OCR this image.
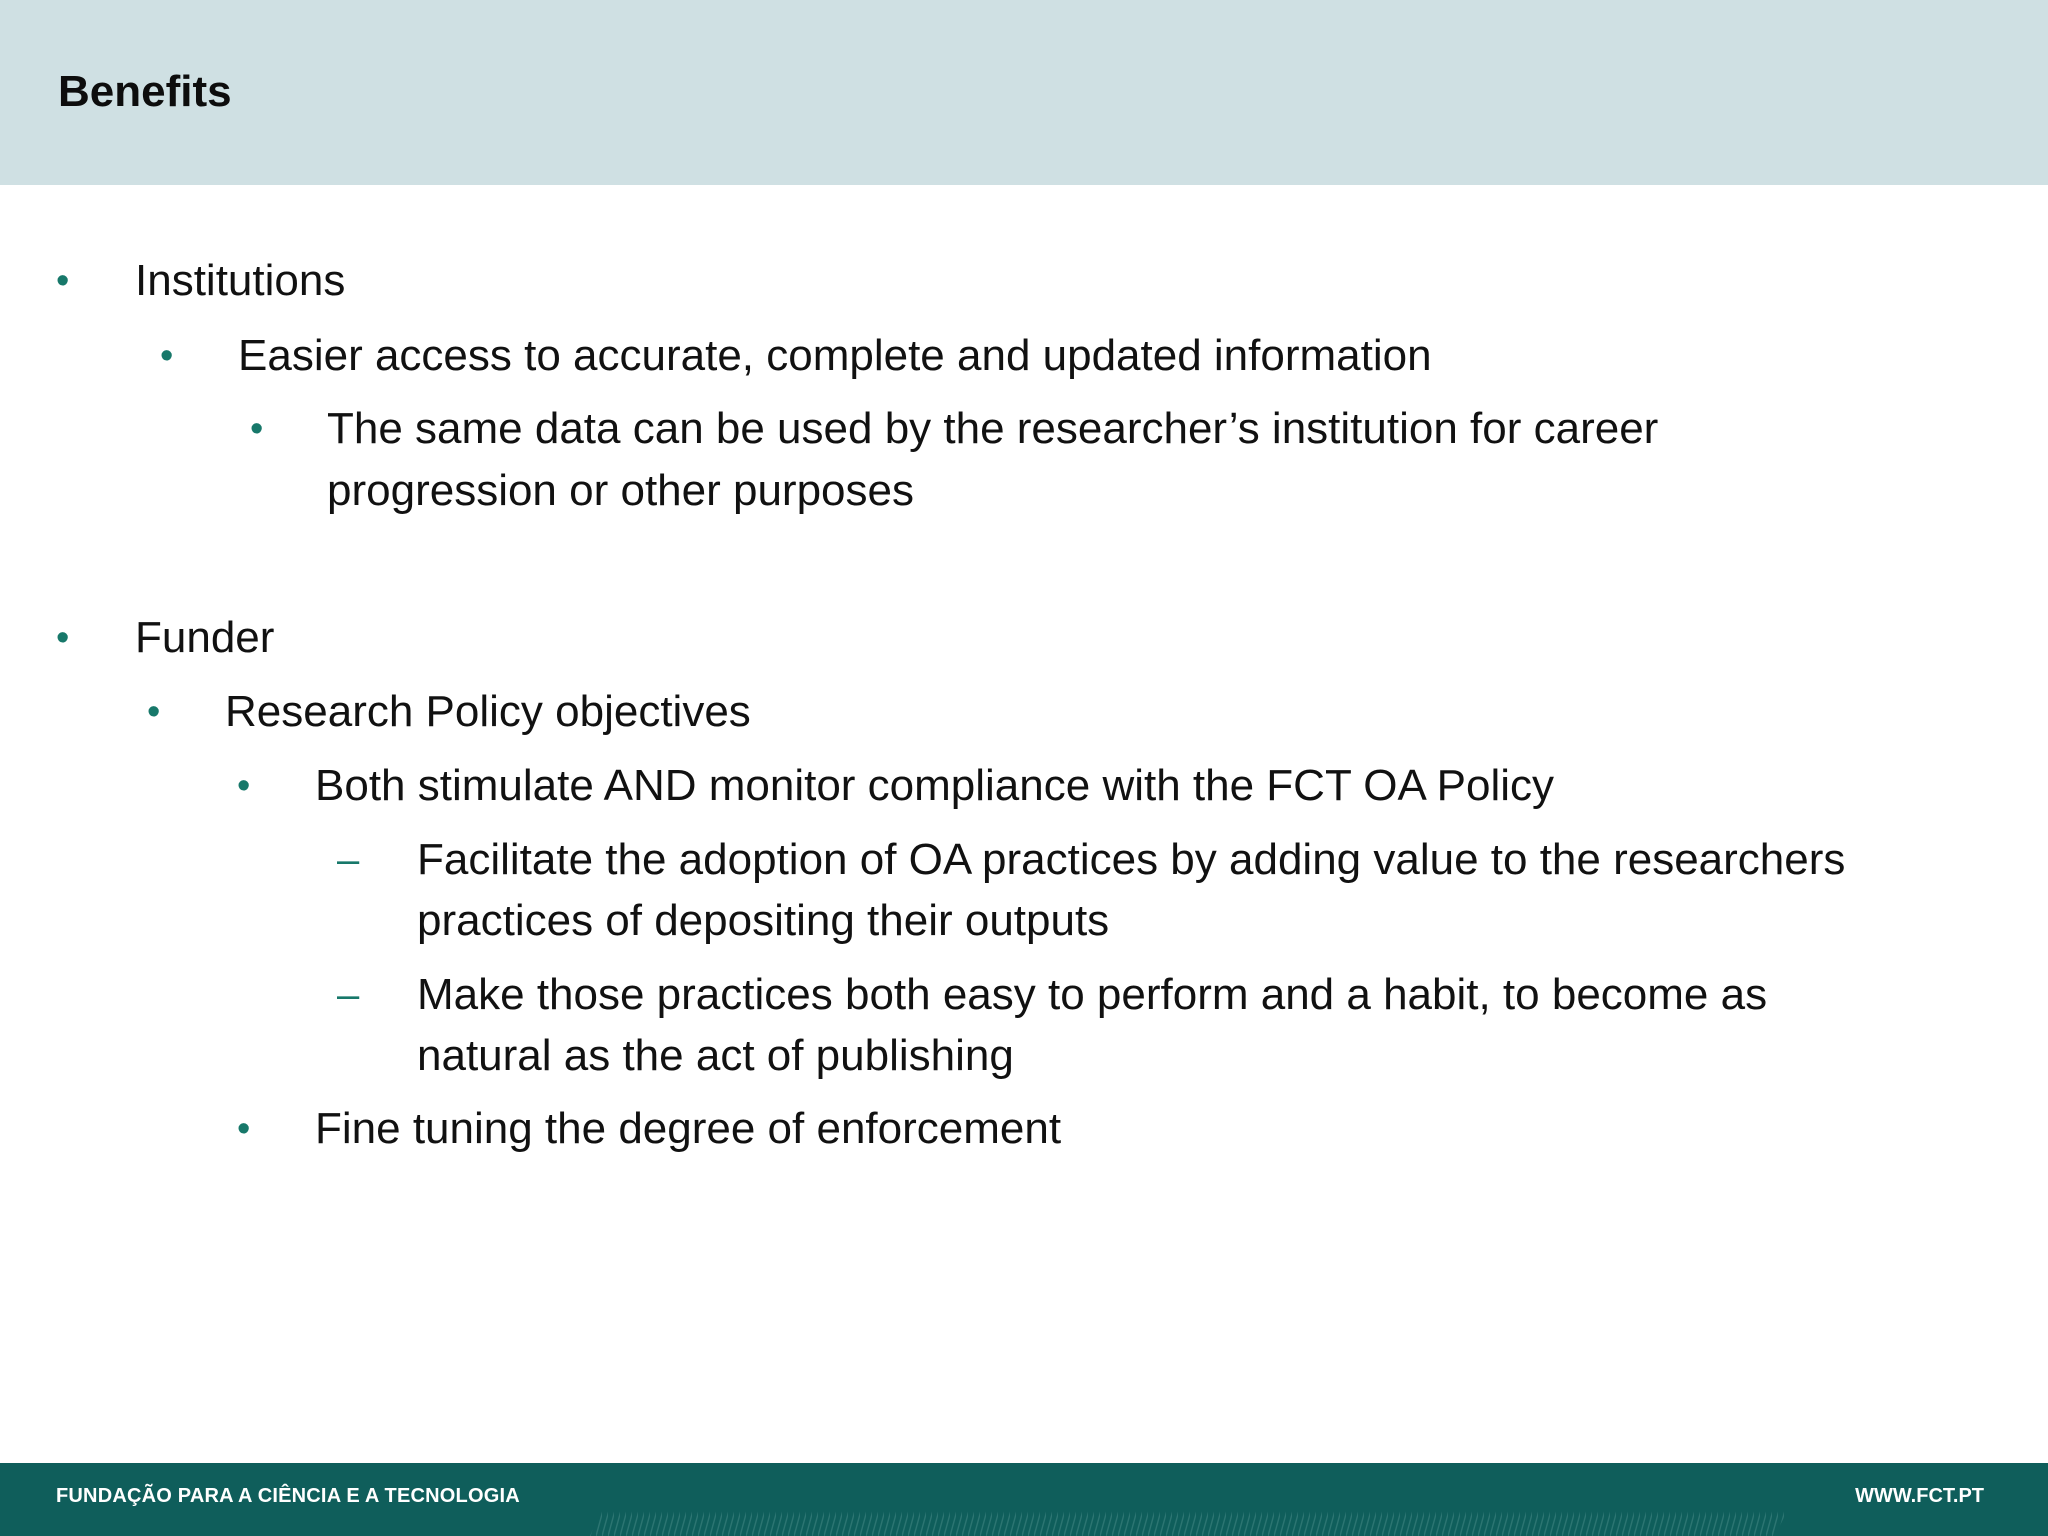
Benefits
• Institutions
• Easier access to accurate, complete and updated information
• The same data can be used by the researcher’s institution for career
progression or other purposes
• Funder
• Research Policy objectives
• Both stimulate AND monitor compliance with the FCT OA Policy
– Facilitate the adoption of OA practices by adding value to the researchers
practices of depositing their outputs
– Make those practices both easy to perform and a habit, to become as
natural as the act of publishing
• Fine tuning the degree of enforcement
FUNDAÇÃO PARA A CIÊNCIA E A TECNOLOGIA	WWW.FCT.PT
